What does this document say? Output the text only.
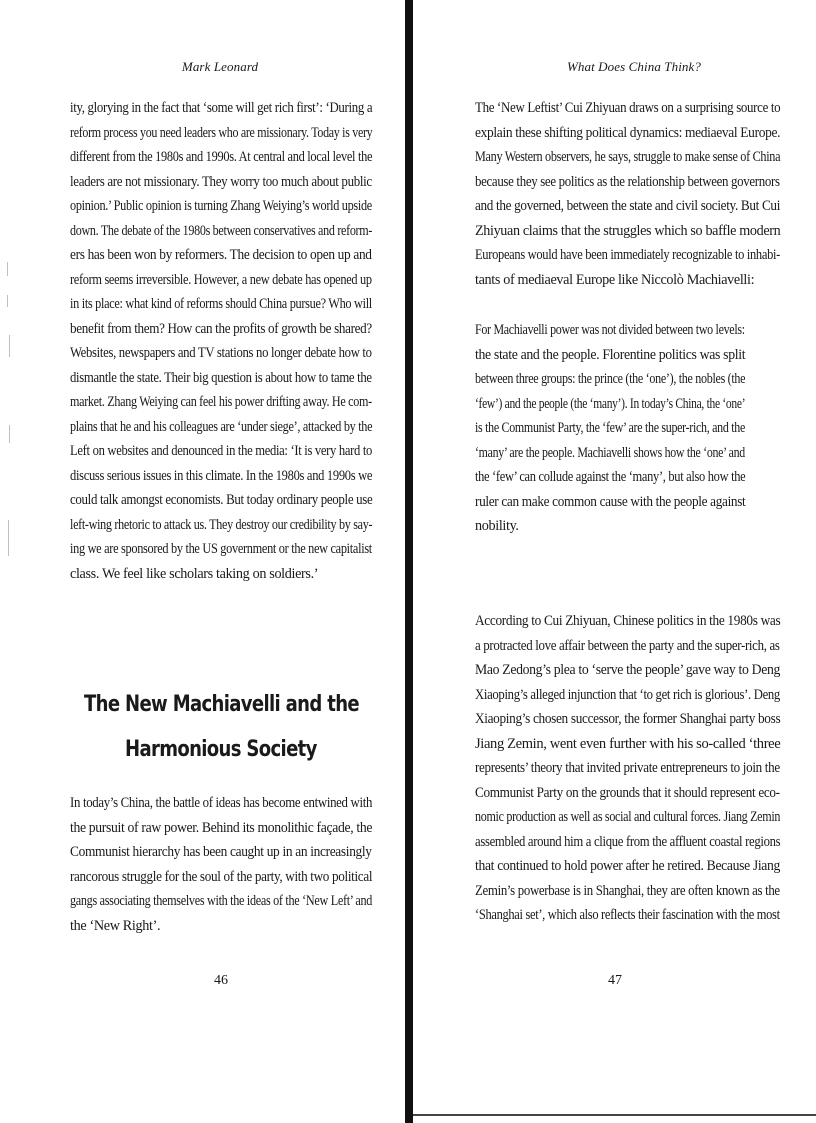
Mark Leonard
ity, glorying in the fact that ‘some will get rich first’: ‘During a
reform process you need leaders who are missionary. Today is very
different from the 1980s and 1990s. At central and local level the
leaders are not missionary. They worry too much about public
opinion.’ Public opinion is turning Zhang Weiying’s world upside
down. The debate of the 1980s between conservatives and reform-
ers has been won by reformers. The decision to open up and
reform seems irreversible. However, a new debate has opened up
in its place: what kind of reforms should China pursue? Who will
benefit from them? How can the profits of growth be shared?
Websites, newspapers and TV stations no longer debate how to
dismantle the state. Their big question is about how to tame the
market. Zhang Weiying can feel his power drifting away. He com-
plains that he and his colleagues are ‘under siege’, attacked by the
Left on websites and denounced in the media: ‘It is very hard to
discuss serious issues in this climate. In the 1980s and 1990s we
could talk amongst economists. But today ordinary people use
left-wing rhetoric to attack us. They destroy our credibility by say-
ing we are sponsored by the US government or the new capitalist
class. We feel like scholars taking on soldiers.’
The New Machiavelli and the
Harmonious Society
In today’s China, the battle of ideas has become entwined with
the pursuit of raw power. Behind its monolithic façade, the
Communist hierarchy has been caught up in an increasingly
rancorous struggle for the soul of the party, with two political
gangs associating themselves with the ideas of the ‘New Left’ and
the ‘New Right’.
46
What Does China Think?
The ‘New Leftist’ Cui Zhiyuan draws on a surprising source to
explain these shifting political dynamics: mediaeval Europe.
Many Western observers, he says, struggle to make sense of China
because they see politics as the relationship between governors
and the governed, between the state and civil society. But Cui
Zhiyuan claims that the struggles which so baffle modern
Europeans would have been immediately recognizable to inhabi-
tants of mediaeval Europe like Niccolò Machiavelli:
For Machiavelli power was not divided between two levels:
the state and the people. Florentine politics was split
between three groups: the prince (the ‘one’), the nobles (the
‘few’) and the people (the ‘many’). In today’s China, the ‘one’
is the Communist Party, the ‘few’ are the super-rich, and the
‘many’ are the people. Machiavelli shows how the ‘one’ and
the ‘few’ can collude against the ‘many’, but also how the
ruler can make common cause with the people against
nobility.
According to Cui Zhiyuan, Chinese politics in the 1980s was
a protracted love affair between the party and the super-rich, as
Mao Zedong’s plea to ‘serve the people’ gave way to Deng
Xiaoping’s alleged injunction that ‘to get rich is glorious’. Deng
Xiaoping’s chosen successor, the former Shanghai party boss
Jiang Zemin, went even further with his so-called ‘three
represents’ theory that invited private entrepreneurs to join the
Communist Party on the grounds that it should represent eco-
nomic production as well as social and cultural forces. Jiang Zemin
assembled around him a clique from the affluent coastal regions
that continued to hold power after he retired. Because Jiang
Zemin’s powerbase is in Shanghai, they are often known as the
‘Shanghai set’, which also reflects their fascination with the most
47
